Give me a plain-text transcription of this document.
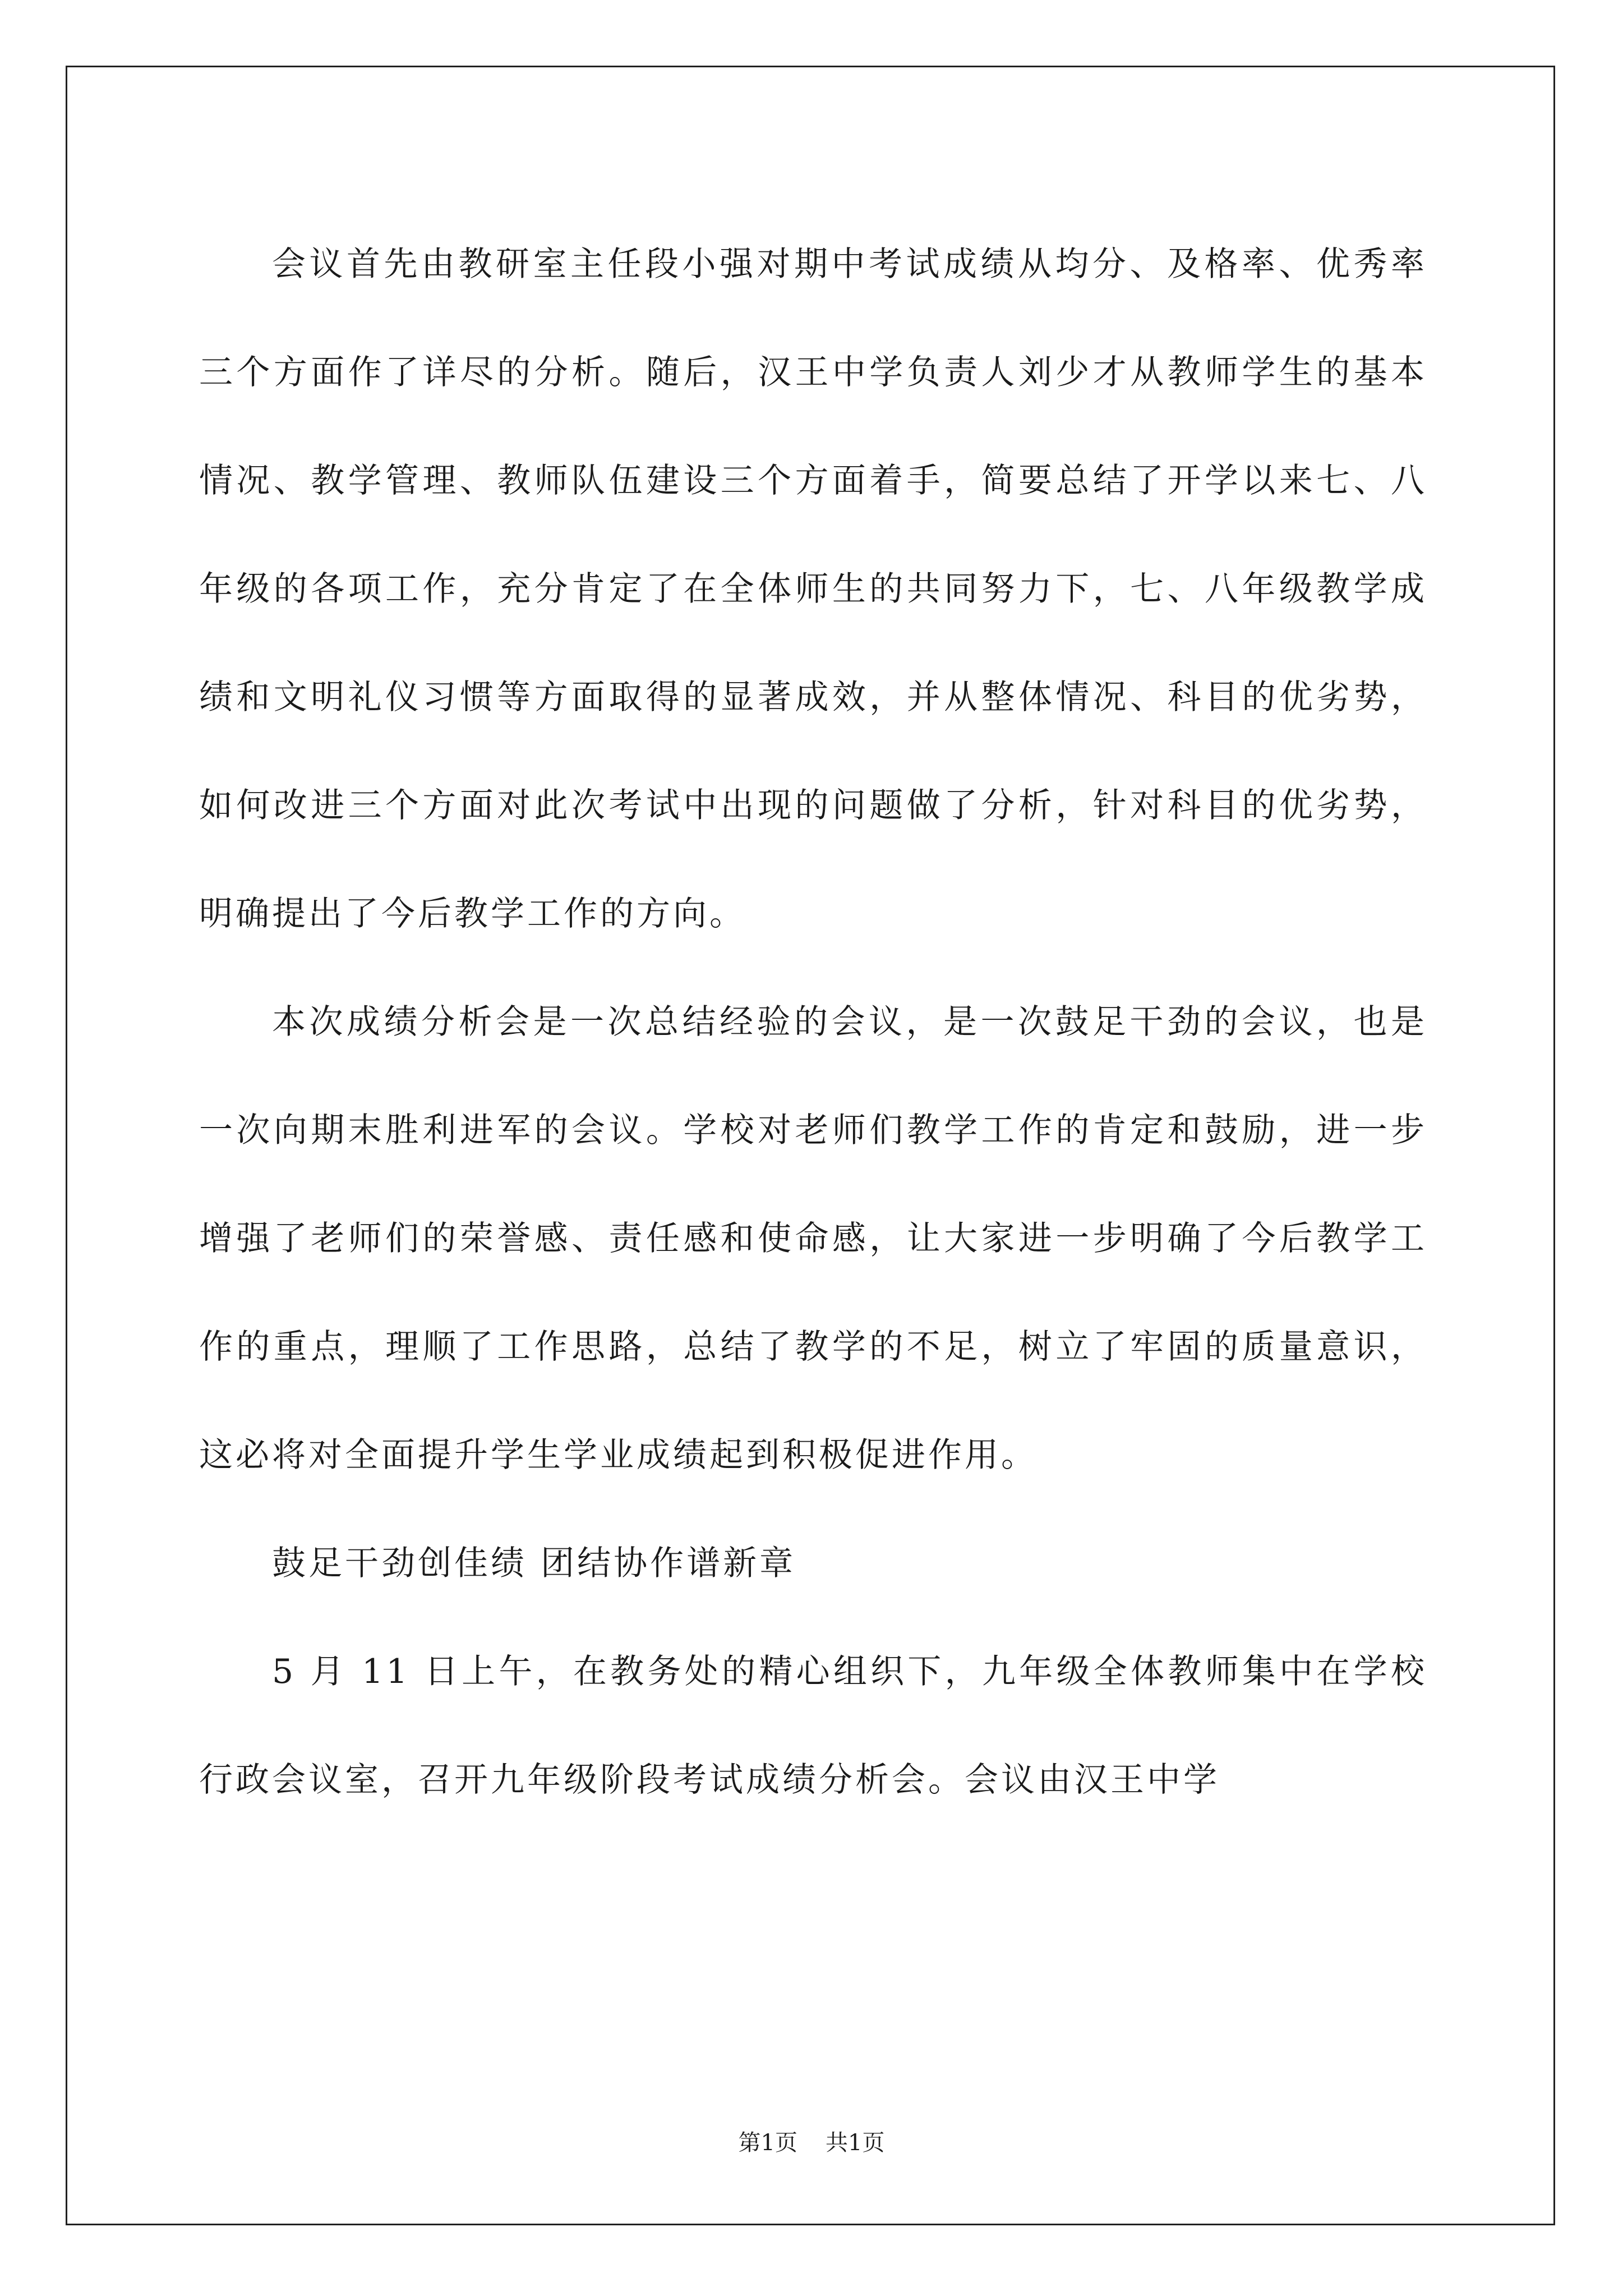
会议首先由教研室主任段小强对期中考试成绩从均分、及格率、优秀率三个方面作了详尽的分析。随后，汉王中学负责人刘少才从教师学生的基本情况、教学管理、教师队伍建设三个方面着手，简要总结了开学以来七、八年级的各项工作，充分肯定了在全体师生的共同努力下，七、八年级教学成绩和文明礼仪习惯等方面取得的显著成效，并从整体情况、科目的优劣势，如何改进三个方面对此次考试中出现的问题做了分析，针对科目的优劣势，明确提出了今后教学工作的方向。

本次成绩分析会是一次总结经验的会议，是一次鼓足干劲的会议，也是一次向期末胜利进军的会议。学校对老师们教学工作的肯定和鼓励，进一步增强了老师们的荣誉感、责任感和使命感，让大家进一步明确了今后教学工作的重点，理顺了工作思路，总结了教学的不足，树立了牢固的质量意识，这必将对全面提升学生学业成绩起到积极促进作用。

鼓足干劲创佳绩 团结协作谱新章

5 月 11 日上午，在教务处的精心组织下，九年级全体教师集中在学校行政会议室，召开九年级阶段考试成绩分析会。会议由汉王中学

第1页 共1页
